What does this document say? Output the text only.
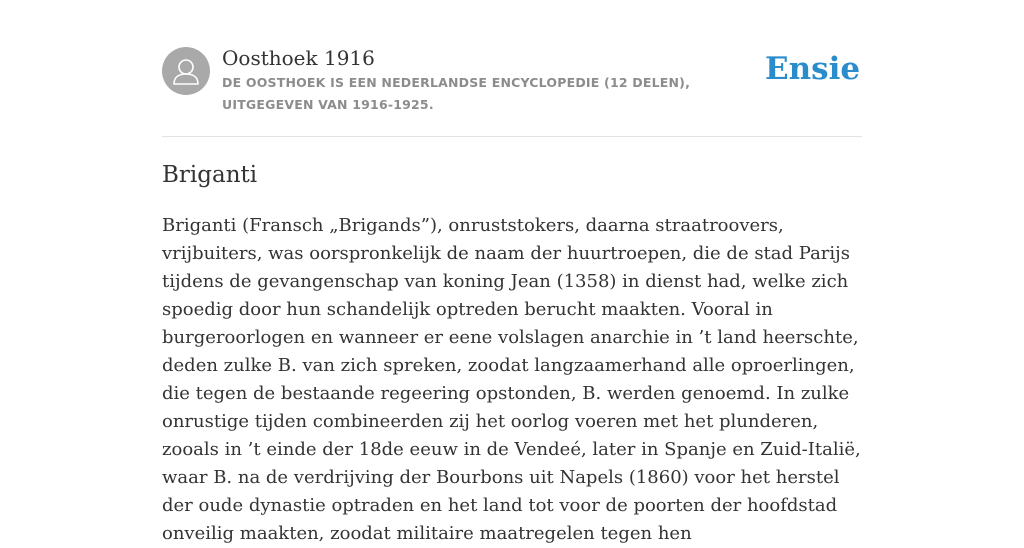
Oosthoek 1916
DE OOSTHOEK IS EEN NEDERLANDSE ENCYCLOPEDIE (12 DELEN), UITGEGEVEN VAN 1916-1925.
Ensie
Briganti

Briganti (Fransch „Brigands”), onruststokers, daarna straatroovers, vrijbuiters, was oorspronkelijk de naam der huurtroepen, die de stad Parijs tijdens de gevangenschap van koning Jean (1358) in dienst had, welke zich spoedig door hun schandelijk optreden berucht maakten. Vooral in burgeroorlogen en wanneer er eene volslagen anarchie in ’t land heerschte, deden zulke B. van zich spreken, zoodat langzaamerhand alle oproerlingen, die tegen de bestaande regeering opstonden, B. werden genoemd. In zulke onrustige tijden combineerden zij het oorlog voeren met het plunderen, zooals in ’t einde der 18de eeuw in de Vendeé, later in Spanje en Zuid-Italië, waar B. na de verdrijving der Bourbons uit Napels (1860) voor het herstel der oude dynastie optraden en het land tot voor de poorten der hoofdstad onveilig maakten, zoodat militaire maatregelen tegen hen
